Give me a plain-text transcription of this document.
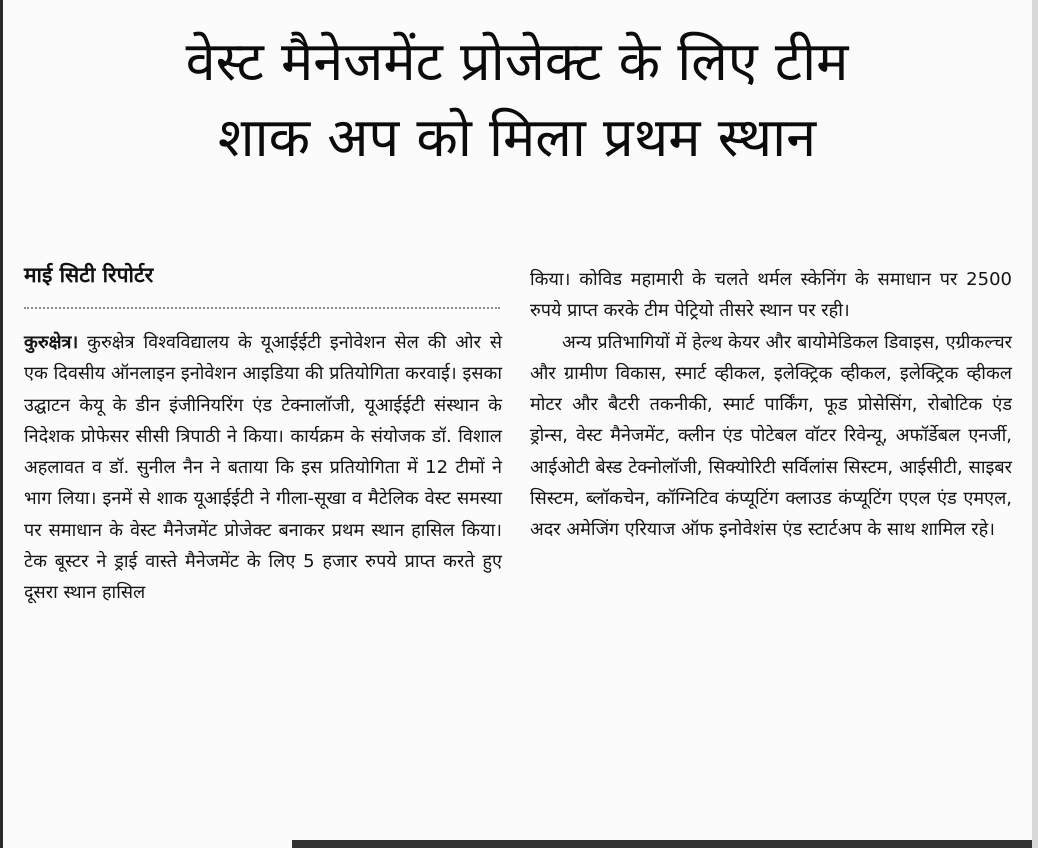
वेस्ट मैनेजमेंट प्रोजेक्ट के लिए टीम
शाक अप को मिला प्रथम स्थान
माई सिटी रिपोर्टर

कुरुक्षेत्र। कुरुक्षेत्र विश्वविद्यालय के यूआईईटी इनोवेशन सेल की ओर से एक दिवसीय ऑनलाइन इनोवेशन आइडिया की प्रतियोगिता करवाई। इसका उद्घाटन केयू के डीन इंजीनियरिंग एंड टेक्नालॉजी, यूआईईटी संस्थान के निदेशक प्रोफेसर सीसी त्रिपाठी ने किया। कार्यक्रम के संयोजक डॉ. विशाल अहलावत व डॉ. सुनील नैन ने बताया कि इस प्रतियोगिता में 12 टीमों ने भाग लिया। इनमें से शाक यूआईईटी ने गीला-सूखा व मैटेलिक वेस्ट समस्या पर समाधान के वेस्ट मैनेजमेंट प्रोजेक्ट बनाकर प्रथम स्थान हासिल किया। टेक बूस्टर ने ड्राई वास्ते मैनेजमेंट के लिए 5 हजार रुपये प्राप्त करते हुए दूसरा स्थान हासिल

किया। कोविड महामारी के चलते थर्मल स्केनिंग के समाधान पर 2500 रुपये प्राप्त करके टीम पेट्रियो तीसरे स्थान पर रही।

अन्य प्रतिभागियों में हेल्थ केयर और बायोमेडिकल डिवाइस, एग्रीकल्चर और ग्रामीण विकास, स्मार्ट व्हीकल, इलेक्ट्रिक व्हीकल, इलेक्ट्रिक व्हीकल मोटर और बैटरी तकनीकी, स्मार्ट पार्किंग, फूड प्रोसेसिंग, रोबोटिक एंड ड्रोन्स, वेस्ट मैनेजमेंट, क्लीन एंड पोटेबल वॉटर रिवेन्यू, अफॉर्डेबल एनर्जी, आईओटी बेस्ड टेक्नोलॉजी, सिक्योरिटी सर्विलांस सिस्टम, आईसीटी, साइबर सिस्टम, ब्लॉकचेन, कॉग्निटिव कंप्यूटिंग क्लाउड कंप्यूटिंग एएल एंड एमएल, अदर अमेजिंग एरियाज ऑफ इनोवेशंस एंड स्टार्टअप के साथ शामिल रहे।
